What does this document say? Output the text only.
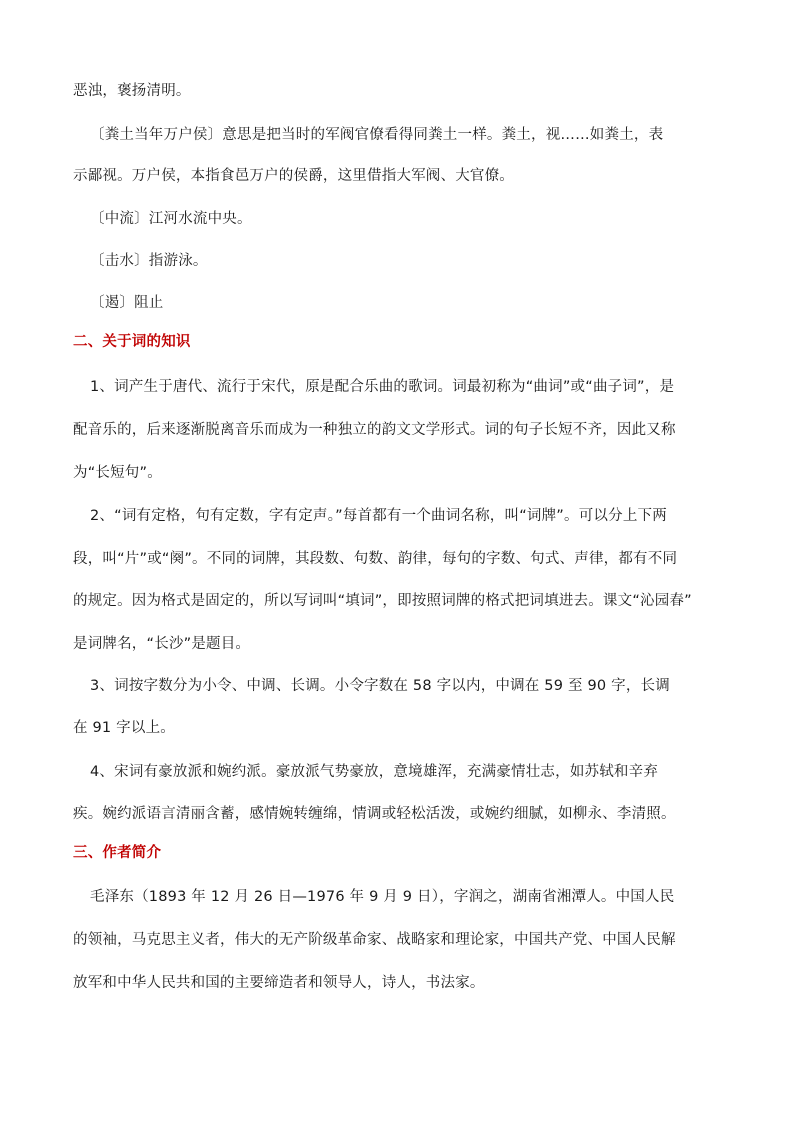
恶浊，褒扬清明。

〔粪土当年万户侯〕意思是把当时的军阀官僚看得同粪土一样。粪土，视……如粪土，表

示鄙视。万户侯，本指食邑万户的侯爵，这里借指大军阀、大官僚。

〔中流〕江河水流中央。

〔击水〕指游泳。

〔遏〕阻止

二、关于词的知识

1、词产生于唐代、流行于宋代，原是配合乐曲的歌词。词最初称为“曲词”或“曲子词”，是

配音乐的，后来逐渐脱离音乐而成为一种独立的韵文文学形式。词的句子长短不齐，因此又称

为“长短句”。

2、“词有定格，句有定数，字有定声。”每首都有一个曲词名称，叫“词牌”。可以分上下两

段，叫“片”或“阕”。不同的词牌，其段数、句数、韵律，每句的字数、句式、声律，都有不同

的规定。因为格式是固定的，所以写词叫“填词”，即按照词牌的格式把词填进去。课文“沁园春”

是词牌名，“长沙”是题目。

3、词按字数分为小令、中调、长调。小令字数在 58 字以内，中调在 59 至 90 字，长调

在 91 字以上。

4、宋词有豪放派和婉约派。豪放派气势豪放，意境雄浑，充满豪情壮志，如苏轼和辛弃

疾。婉约派语言清丽含蓄，感情婉转缠绵，情调或轻松活泼，或婉约细腻，如柳永、李清照。

三、作者简介

毛泽东（1893 年 12 月 26 日—1976 年 9 月 9 日），字润之，湖南省湘潭人。中国人民

的领袖，马克思主义者，伟大的无产阶级革命家、战略家和理论家，中国共产党、中国人民解

放军和中华人民共和国的主要缔造者和领导人，诗人，书法家。
